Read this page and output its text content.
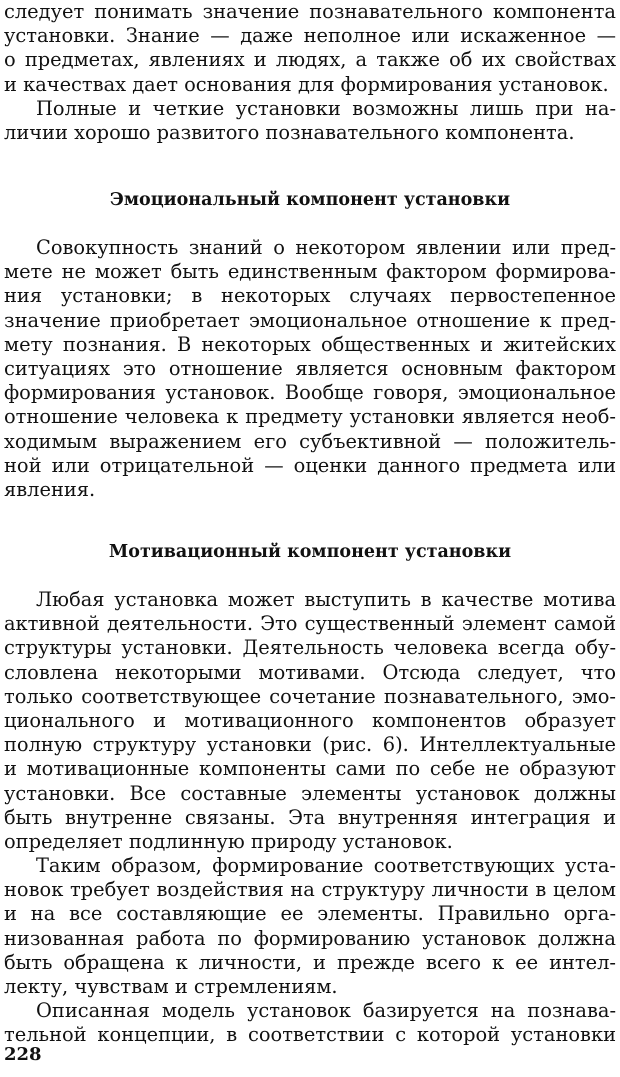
следует понимать значение познавательного компонента
установки. Знание — даже неполное или искаженное —
о предметах, явлениях и людях, а также об их свойствах
и качествах дает основания для формирования установок.
Полные и четкие установки возможны лишь при на-
личии хорошо развитого познавательного компонента.
Эмоциональный компонент установки
Совокупность знаний о некотором явлении или пред-
мете не может быть единственным фактором формирова-
ния установки; в некоторых случаях первостепенное
значение приобретает эмоциональное отношение к пред-
мету познания. В некоторых общественных и житейских
ситуациях это отношение является основным фактором
формирования установок. Вообще говоря, эмоциональное
отношение человека к предмету установки является необ-
ходимым выражением его субъективной — положитель-
ной или отрицательной — оценки данного предмета или
явления.
Мотивационный компонент установки
Любая установка может выступить в качестве мотива
активной деятельности. Это существенный элемент самой
структуры установки. Деятельность человека всегда обу-
словлена некоторыми мотивами. Отсюда следует, что
только соответствующее сочетание познавательного, эмо-
ционального и мотивационного компонентов образует
полную структуру установки (рис. 6). Интеллектуальные
и мотивационные компоненты сами по себе не образуют
установки. Все составные элементы установок должны
быть внутренне связаны. Эта внутренняя интеграция и
определяет подлинную природу установок.
Таким образом, формирование соответствующих уста-
новок требует воздействия на структуру личности в целом
и на все составляющие ее элементы. Правильно орга-
низованная работа по формированию установок должна
быть обращена к личности, и прежде всего к ее интел-
лекту, чувствам и стремлениям.
Описанная модель установок базируется на познава-
тельной концепции, в соответствии с которой установки
228
